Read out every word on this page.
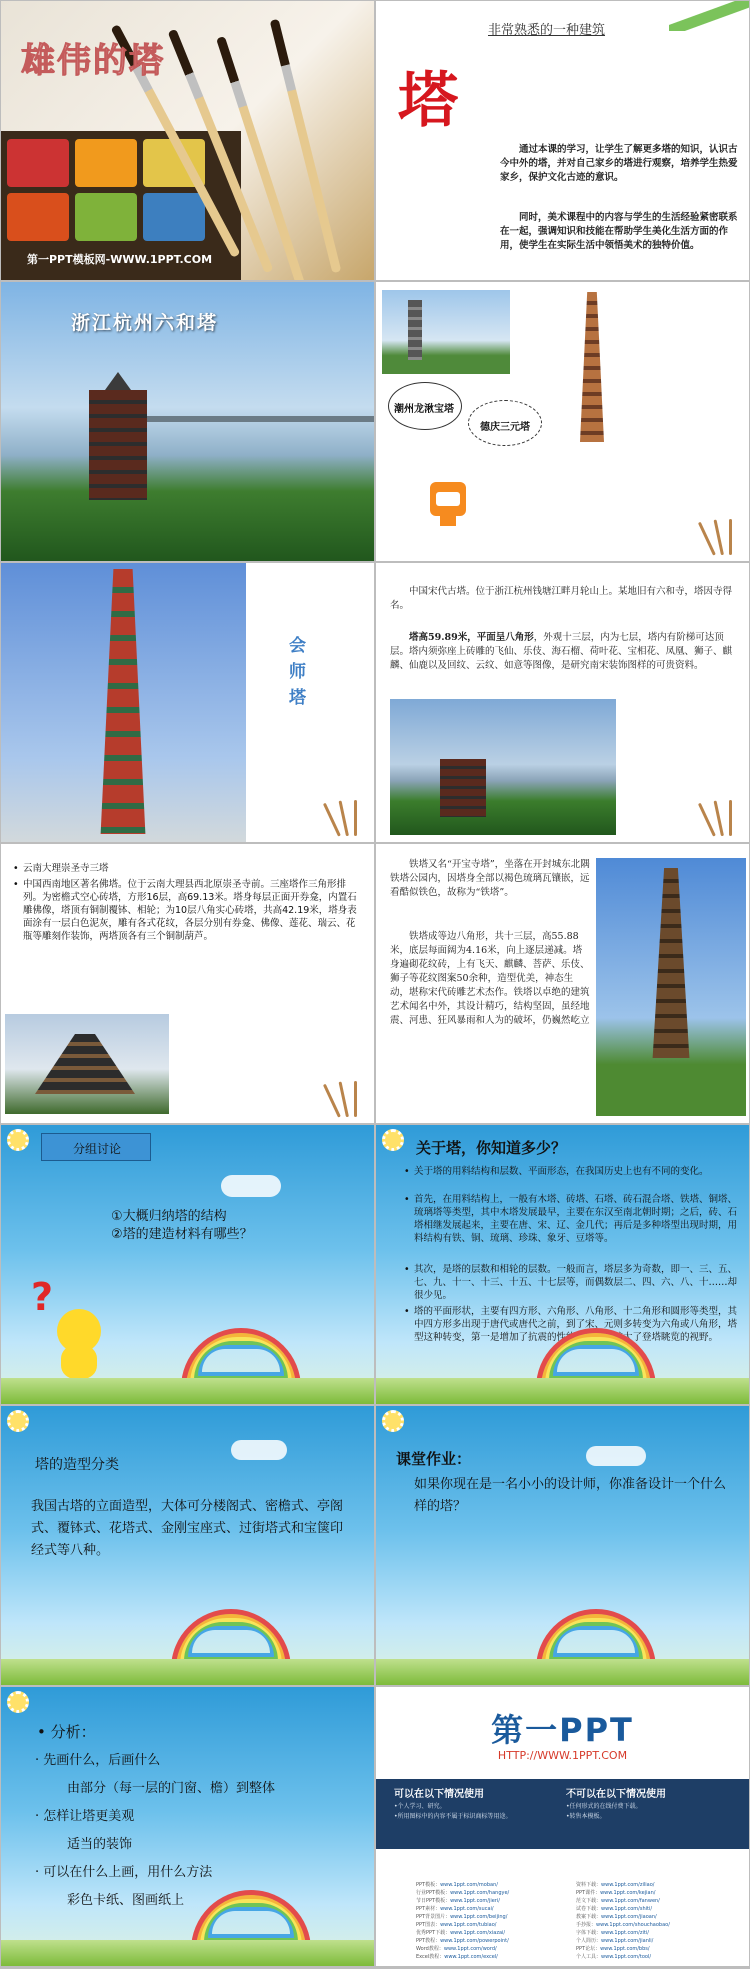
雄伟的塔
第一PPT模板网-WWW.1PPT.COM
非常熟悉的一种建筑
塔
通过本课的学习，让学生了解更多塔的知识，认识古今中外的塔，并对自己家乡的塔进行观察，培养学生热爱家乡，保护文化古迹的意识。
同时，美术课程中的内容与学生的生活经验紧密联系在一起，强调知识和技能在帮助学生美化生活方面的作用，使学生在实际生活中领悟美术的独特价值。
浙江杭州六和塔
潮州龙湫宝塔
德庆三元塔
会师塔
中国宋代古塔。位于浙江杭州钱塘江畔月轮山上。某地旧有六和寺，塔因寺得名。
塔高59.89米，平面呈八角形，外观十三层，内为七层，塔内有阶梯可达顶层。塔内须弥座上砖雕的飞仙、乐伎、海石榴、荷叶花、宝相花、凤凰、狮子、麒麟、仙鹿以及回纹、云纹、如意等图像，是研究南宋装饰图样的可贵资料。
• 云南大理崇圣寺三塔
• 中国西南地区著名佛塔。位于云南大理县西北原崇圣寺前。三座塔作三角形排列。为密檐式空心砖塔，方形16层，高69.13米。塔身每层正面开券龛，内置石雕佛像，塔顶有铜制覆钵、相轮；为10层八角实心砖塔，共高42.19米，塔身表面涂有一层白色泥灰，雕有各式花纹，各层分别有券龛、佛像、莲花、瑞云、花瓶等雕刻作装饰，两塔顶各有三个铜制葫芦。
铁塔又名“开宝寺塔”，坐落在开封城东北隅铁塔公园内，因塔身全部以褐色琉璃瓦镶嵌，远看酷似铁色，故称为“铁塔”。
铁塔成等边八角形，共十三层，高55.88米，底层每面阔为4.16米，向上逐层递减。塔身遍砌花纹砖，上有飞天、麒麟、菩萨、乐伎、狮子等花纹图案50余种，造型优美，神态生动，堪称宋代砖雕艺术杰作。铁塔以卓绝的建筑艺术闻名中外，其设计精巧，结构坚固，虽经地震、河患、狂风暴雨和人为的破坏，仍巍然屹立
分组讨论
①大概归纳塔的结构
②塔的建造材料有哪些？
?
关于塔，你知道多少？
• 关于塔的用料结构和层数、平面形态，在我国历史上也有不同的变化。
• 首先，在用料结构上，一般有木塔、砖塔、石塔、砖石混合塔、铁塔、铜塔、琉璃塔等类型，其中木塔发展最早，主要在东汉至南北朝时期；之后，砖、石塔相继发展起来，主要在唐、宋、辽、金几代；再后是多种塔型出现时期，用料结构有铁、铜、琉璃、珍珠、象牙、豆塔等。
• 其次，是塔的层数和相轮的层数。一般而言，塔层多为奇数，即一、三、五、七、九、十一、十三、十五、十七层等，而偶数层二、四、六、八、十……却很少见。
• 塔的平面形状，主要有四方形、六角形、八角形、十二角形和圆形等类型，其中四方形多出现于唐代或唐代之前，到了宋、元则多转变为六角或八角形，塔型这种转变，第一是增加了抗震的性能；第二是扩大了登塔眺览的视野。
塔的造型分类
我国古塔的立面造型，大体可分楼阁式、密檐式、亭阁式、覆钵式、花塔式、金刚宝座式、过街塔式和宝箧印经式等八种。
课堂作业：
如果你现在是一名小小的设计师，你准备设计一个什么样的塔？
• 分析：
· 先画什么，后画什么
由部分（每一层的门窗、檐）到整体
· 怎样让塔更美观
适当的装饰
· 可以在什么上画，用什么方法
彩色卡纸、图画纸上
第一PPT
HTTP://WWW.1PPT.COM
可以在以下情况使用
•个人学习、研究。
•所用图标中的内容不属于标识商标等用途。
不可以在以下情况使用
•任何形式的在线付费下载。
•转售本模板。
PPT模板：www.1ppt.com/moban/
行业PPT模板：www.1ppt.com/hangye/
节日PPT模板：www.1ppt.com/jieri/
PPT素材：www.1ppt.com/sucai/
PPT背景图片：www.1ppt.com/beijing/
PPT图表：www.1ppt.com/tubiao/
优秀PPT下载：www.1ppt.com/xiazai/
PPT教程：www.1ppt.com/powerpoint/
Word教程：www.1ppt.com/word/
Excel教程：www.1ppt.com/excel/
资料下载：www.1ppt.com/ziliao/
PPT课件：www.1ppt.com/kejian/
范文下载：www.1ppt.com/fanwen/
试卷下载：www.1ppt.com/shiti/
教案下载：www.1ppt.com/jiaoan/
手抄报：www.1ppt.com/shouchaobao/
字体下载：www.1ppt.com/ziti/
个人简历：www.1ppt.com/jianli/
PPT论坛：www.1ppt.com/bbs/
个人工具：www.1ppt.com/tool/
